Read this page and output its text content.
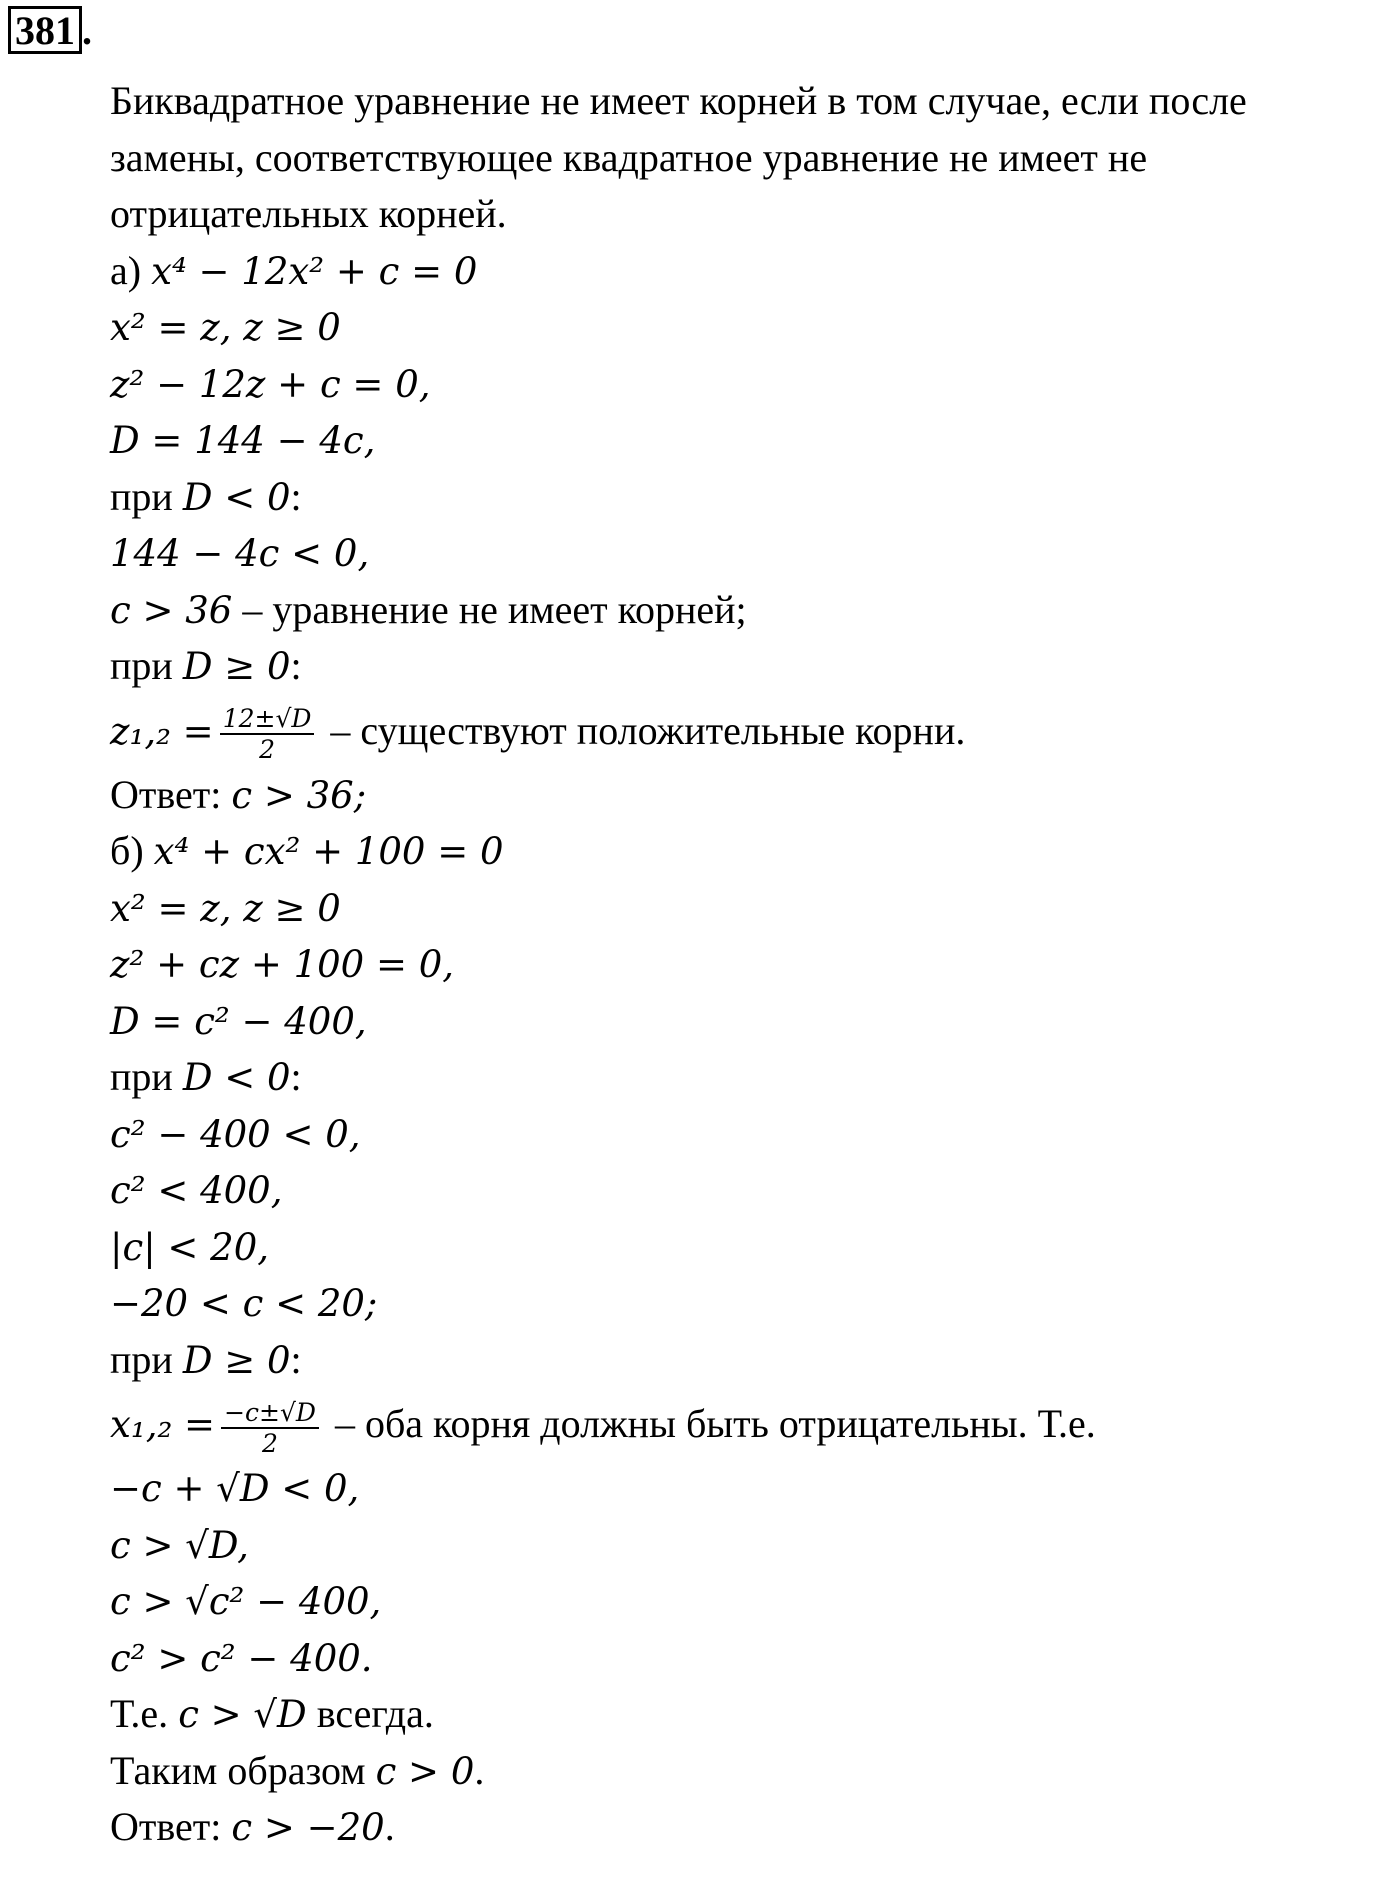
381 .
Биквадратное уравнение не имеет корней в том случае, если после
замены, соответствующее квадратное уравнение не имеет не
отрицательных корней.
а) x⁴ − 12x² + c = 0
x² = z, z ≥ 0
z² − 12z + c = 0,
D = 144 − 4c,
при D < 0:
144 − 4c < 0,
c > 36 – уравнение не имеет корней;
при D ≥ 0:
$z_1,_2 = \frac{12\pm√D}{2}$ – существуют положительные корни.
Ответ: c > 36;
б) x⁴ + cx² + 100 = 0
x² = z, z ≥ 0
z² + cz + 100 = 0,
D = c² − 400,
при D < 0:
c² − 400 < 0,
c² < 400,
|c| < 20,
−20 < c < 20;
при D ≥ 0:
$x_1,_2 = \frac{-c\pm√D}{2}$ – оба корня должны быть отрицательны. Т.е.
−c + √D < 0,
c > √D,
c > √c² − 400,
c² > c² − 400.
Т.е. c > √D всегда.
Таким образом c > 0.
Ответ: c > −20.
